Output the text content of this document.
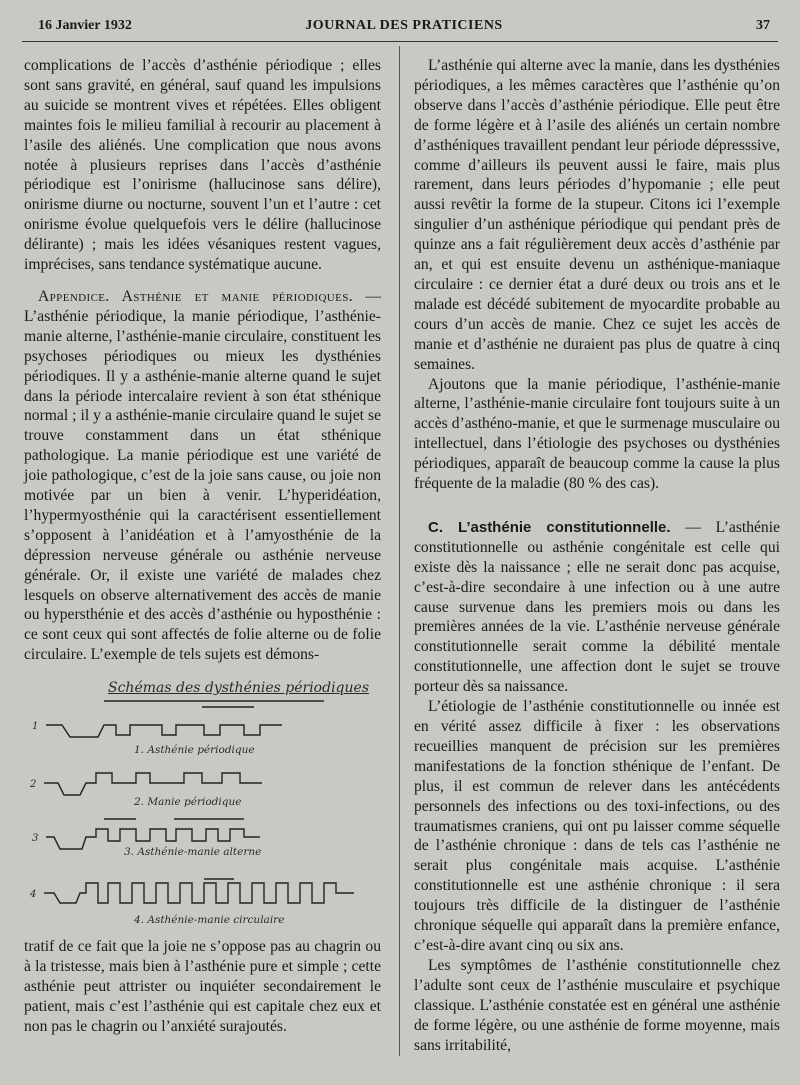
16 Janvier 1932	JOURNAL DES PRATICIENS	37

complications de l’accès d’asthénie périodique ; elles sont sans gravité, en général, sauf quand les impulsions au suicide se montrent vives et répétées. Elles obligent maintes fois le milieu familial à recourir au placement à l’asile des aliénés. Une complication que nous avons notée à plusieurs reprises dans l’accès d’asthénie périodique est l’onirisme (hallucinose sans délire), onirisme diurne ou nocturne, souvent l’un et l’autre : cet onirisme évolue quelquefois vers le délire (hallucinose délirante) ; mais les idées vésaniques restent vagues, imprécises, sans tendance systématique aucune.

Appendice. Asthénie et manie périodiques. — L’asthénie périodique, la manie périodique, l’asthénie-manie alterne, l’asthénie-manie circulaire, constituent les psychoses périodiques ou mieux les dysthénies périodiques. Il y a asthénie-manie alterne quand le sujet dans la période intercalaire revient à son état sthénique normal ; il y a asthénie-manie circulaire quand le sujet se trouve constamment dans un état sthénique pathologique. La manie périodique est une variété de joie pathologique, c’est de la joie sans cause, ou joie non motivée par un bien à venir. L’hyperidéation, l’hypermyosthénie qui la caractérisent essentiellement s’opposent à l’anidéation et à l’amyosthénie de la dépression nerveuse générale ou asthénie nerveuse générale. Or, il existe une variété de malades chez lesquels on observe alternativement des accès de manie ou hypersthénie et des accès d’asthénie ou hyposthénie : ce sont ceux qui sont affectés de folie alterne ou de folie circulaire. L’exemple de tels sujets est démons-

Schémas des dysthénies périodiques
1
1. Asthénie périodique
2
2. Manie périodique
3
3. Asthénie-manie alterne
4
4. Asthénie-manie circulaire

tratif de ce fait que la joie ne s’oppose pas au chagrin ou à la tristesse, mais bien à l’asthénie pure et simple ; cette asthénie peut attrister ou inquiéter secondairement le patient, mais c’est l’asthénie qui est capitale chez eux et non pas le chagrin ou l’anxiété surajoutés.

L’asthénie qui alterne avec la manie, dans les dysthénies périodiques, a les mêmes caractères que l’asthénie qu’on observe dans l’accès d’asthénie périodique. Elle peut être de forme légère et à l’asile des aliénés un certain nombre d’asthéniques travaillent pendant leur période dépresssive, comme d’ailleurs ils peuvent aussi le faire, mais plus rarement, dans leurs périodes d’hypomanie ; elle peut aussi revêtir la forme de la stupeur. Citons ici l’exemple singulier d’un asthénique périodique qui pendant près de quinze ans a fait régulièrement deux accès d’asthénie par an, et qui est ensuite devenu un asthénique-maniaque circulaire : ce dernier état a duré deux ou trois ans et le malade est décédé subitement de myocardite probable au cours d’un accès de manie. Chez ce sujet les accès de manie et d’asthénie ne duraient pas plus de quatre à cinq semaines.

Ajoutons que la manie périodique, l’asthénie-manie alterne, l’asthénie-manie circulaire font toujours suite à un accès d’asthéno-manie, et que le surmenage musculaire ou intellectuel, dans l’étiologie des psychoses ou dysthénies périodiques, apparaît de beaucoup comme la cause la plus fréquente de la maladie (80 % des cas).

C. L’asthénie constitutionnelle. — L’asthénie constitutionnelle ou asthénie congénitale est celle qui existe dès la naissance ; elle ne serait donc pas acquise, c’est-à-dire secondaire à une infection ou à une autre cause survenue dans les premiers mois ou dans les premières années de la vie. L’asthénie nerveuse générale constitutionnelle serait comme la débilité mentale constitutionnelle, une affection dont le sujet se trouve porteur dès sa naissance.

L’étiologie de l’asthénie constitutionnelle ou innée est en vérité assez difficile à fixer : les observations recueillies manquent de précision sur les premières manifestations de la fonction sthénique de l’enfant. De plus, il est commun de relever dans les antécédents personnels des infections ou des toxi-infections, ou des traumatismes craniens, qui ont pu laisser comme séquelle de l’asthénie chronique : dans de tels cas l’asthénie ne serait plus congénitale mais acquise. L’asthénie constitutionnelle est une asthénie chronique : il sera toujours très difficile de la distinguer de l’asthénie chronique séquelle qui apparaît dans la première enfance, c’est-à-dire avant cinq ou six ans.

Les symptômes de l’asthénie constitutionnelle chez l’adulte sont ceux de l’asthénie musculaire et psychique classique. L’asthénie constatée est en général une asthénie de forme légère, ou une asthénie de forme moyenne, mais sans irritabilité,
